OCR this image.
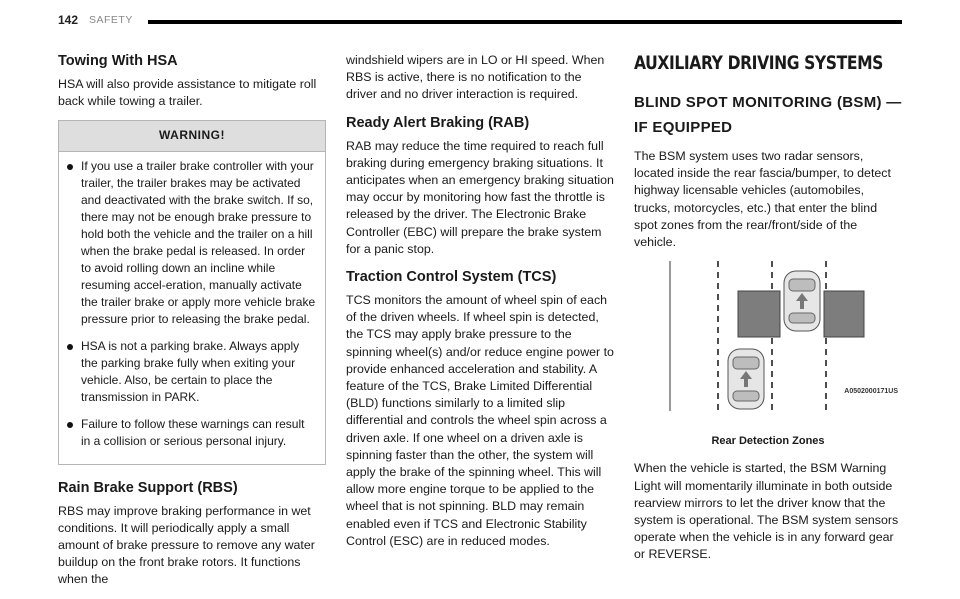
142 SAFETY
Towing With HSA

HSA will also provide assistance to mitigate roll back while towing a trailer.

WARNING!
If you use a trailer brake controller with your trailer, the trailer brakes may be activated and deactivated with the brake switch. If so, there may not be enough brake pressure to hold both the vehicle and the trailer on a hill when the brake pedal is released. In order to avoid rolling down an incline while resuming accel-eration, manually activate the trailer brake or apply more vehicle brake pressure prior to releasing the brake pedal.
HSA is not a parking brake. Always apply the parking brake fully when exiting your vehicle. Also, be certain to place the transmission in PARK.
Failure to follow these warnings can result in a collision or serious personal injury.
Rain Brake Support (RBS)

RBS may improve braking performance in wet conditions. It will periodically apply a small amount of brake pressure to remove any water buildup on the front brake rotors. It functions when the

windshield wipers are in LO or HI speed. When RBS is active, there is no notification to the driver and no driver interaction is required.

Ready Alert Braking (RAB)

RAB may reduce the time required to reach full braking during emergency braking situations. It anticipates when an emergency braking situation may occur by monitoring how fast the throttle is released by the driver. The Electronic Brake Controller (EBC) will prepare the brake system for a panic stop.

Traction Control System (TCS)

TCS monitors the amount of wheel spin of each of the driven wheels. If wheel spin is detected, the TCS may apply brake pressure to the spinning wheel(s) and/or reduce engine power to provide enhanced acceleration and stability. A feature of the TCS, Brake Limited Differential (BLD) functions similarly to a limited slip differential and controls the wheel spin across a driven axle. If one wheel on a driven axle is spinning faster than the other, the system will apply the brake of the spinning wheel. This will allow more engine torque to be applied to the wheel that is not spinning. BLD may remain enabled even if TCS and Electronic Stability Control (ESC) are in reduced modes.

AUXILIARY DRIVING SYSTEMS
BLIND SPOT MONITORING (BSM) —
IF EQUIPPED

The BSM system uses two radar sensors, located inside the rear fascia/bumper, to detect highway licensable vehicles (automobiles, trucks, motorcycles, etc.) that enter the blind spot zones from the rear/front/side of the vehicle.

A0502000171US
Rear Detection Zones

When the vehicle is started, the BSM Warning Light will momentarily illuminate in both outside rearview mirrors to let the driver know that the system is operational. The BSM system sensors operate when the vehicle is in any forward gear or REVERSE.
